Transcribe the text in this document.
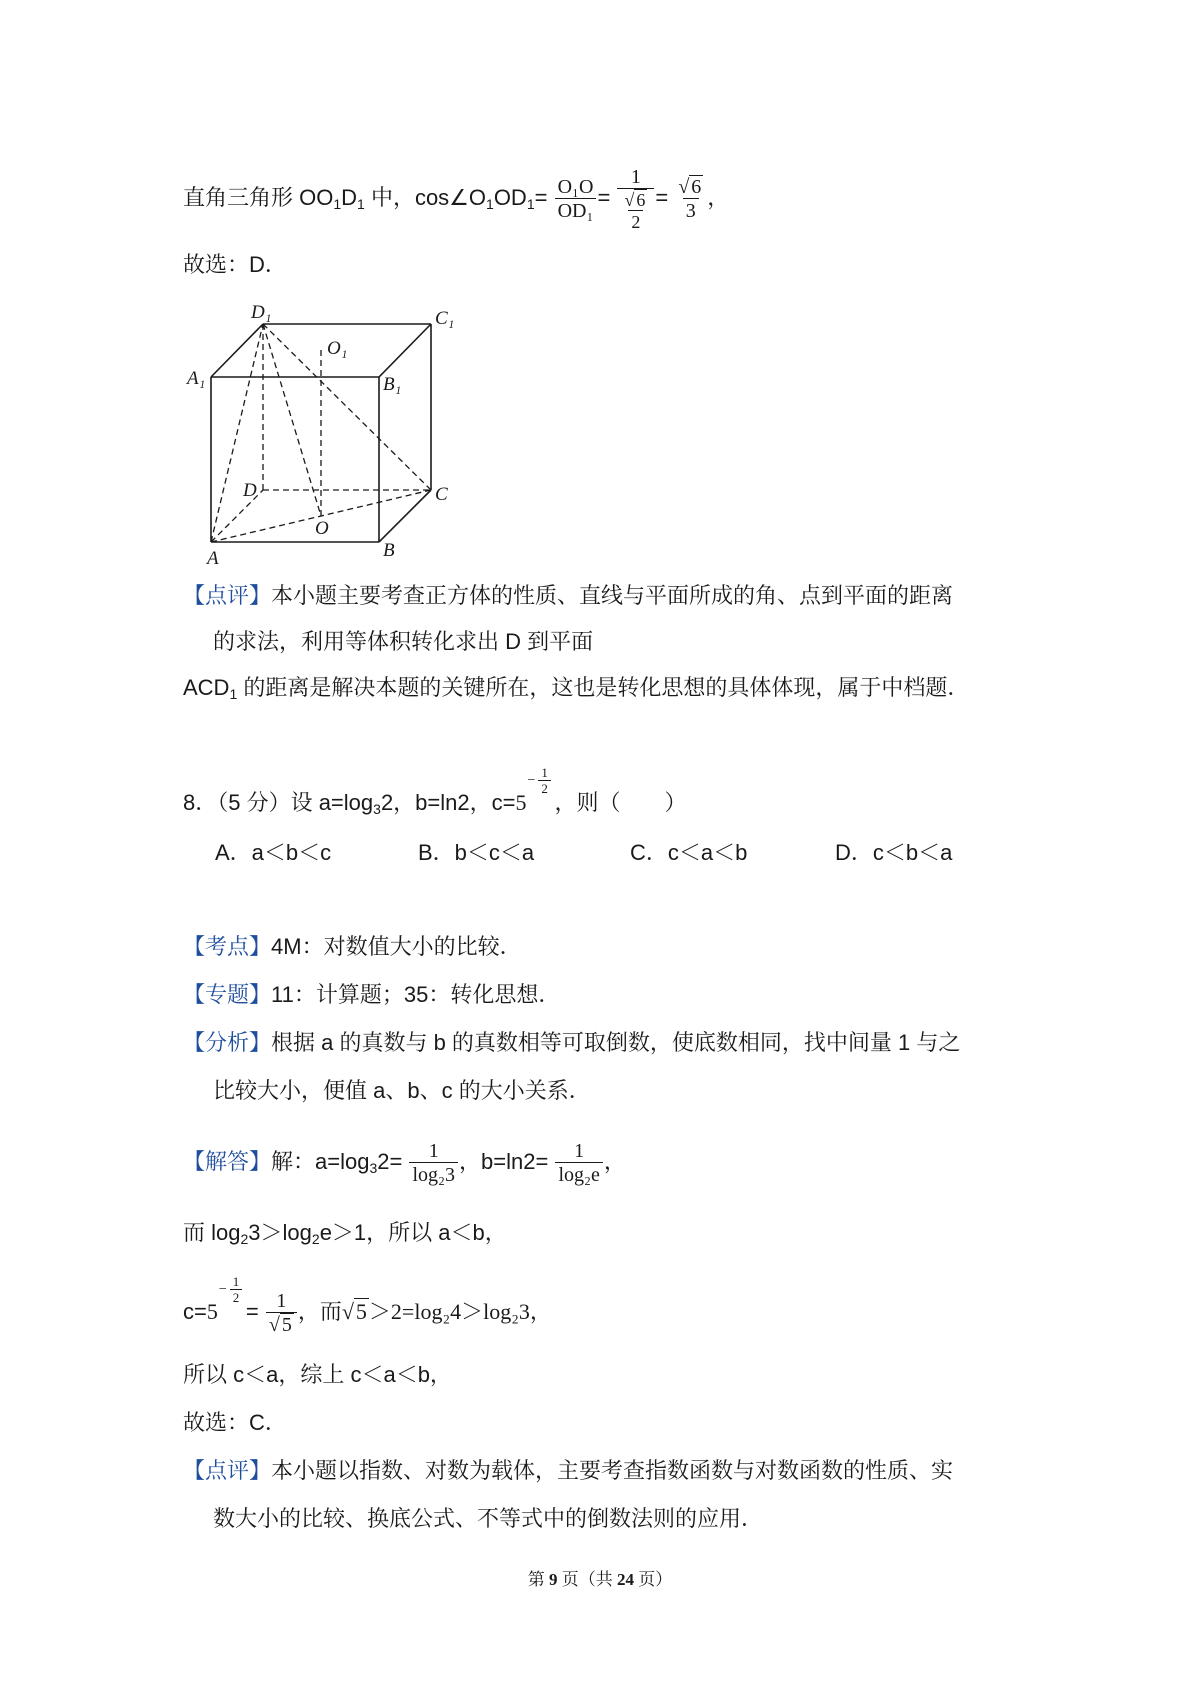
直角三角形 $OO_1D_1$ 中，$\cos\angle O_1OD_1= \frac{\text{O₁O}}{\text{OD₁}} = \frac{1}{\frac{√ 6}{2}} = \frac{√ 6}{3}$ ，
故选：D．
D₁	C₁
O₁
A₁	B₁
D	C
O
A	B
【点评】本小题主要考查正方体的性质、直线与平面所成的角、点到平面的距离
的求法，利用等体积转化求出 D 到平面
$ACD_1$ 的距离是解决本题的关键所在，这也是转化思想的具体体现，属于中档题．
8．（5 分）设 $a=\log_32$，b=ln2，c=5
− $\frac{1}{2}$
，则（　　）
A．a＜b＜c	B．b＜c＜a	C．c＜a＜b	D．c＜b＜a
【考点】4M：对数值大小的比较．
【专题】11：计算题；35：转化思想．
【分析】根据 a 的真数与 b 的真数相等可取倒数，使底数相同，找中间量 1 与之
比较大小，便值 a、b、c 的大小关系．
【解答】解：$a=\log_32= \frac{1}{\text{log₂3}}$ ，$b=\ln 2= \frac{1}{\text{log₂e}}$ ，
而 $\log_23>\log_2e>1$，所以 a＜b，
c=5
− $\frac{1}{2}$
= $\frac{1}{√ 5}$ ，而√5＞2=log₂4＞log₂3，
所以 c＜a，综上 c＜a＜b，
故选：C．
【点评】本小题以指数、对数为载体，主要考查指数函数与对数函数的性质、实
数大小的比较、换底公式、不等式中的倒数法则的应用．
第 9 页（共 24 页）
